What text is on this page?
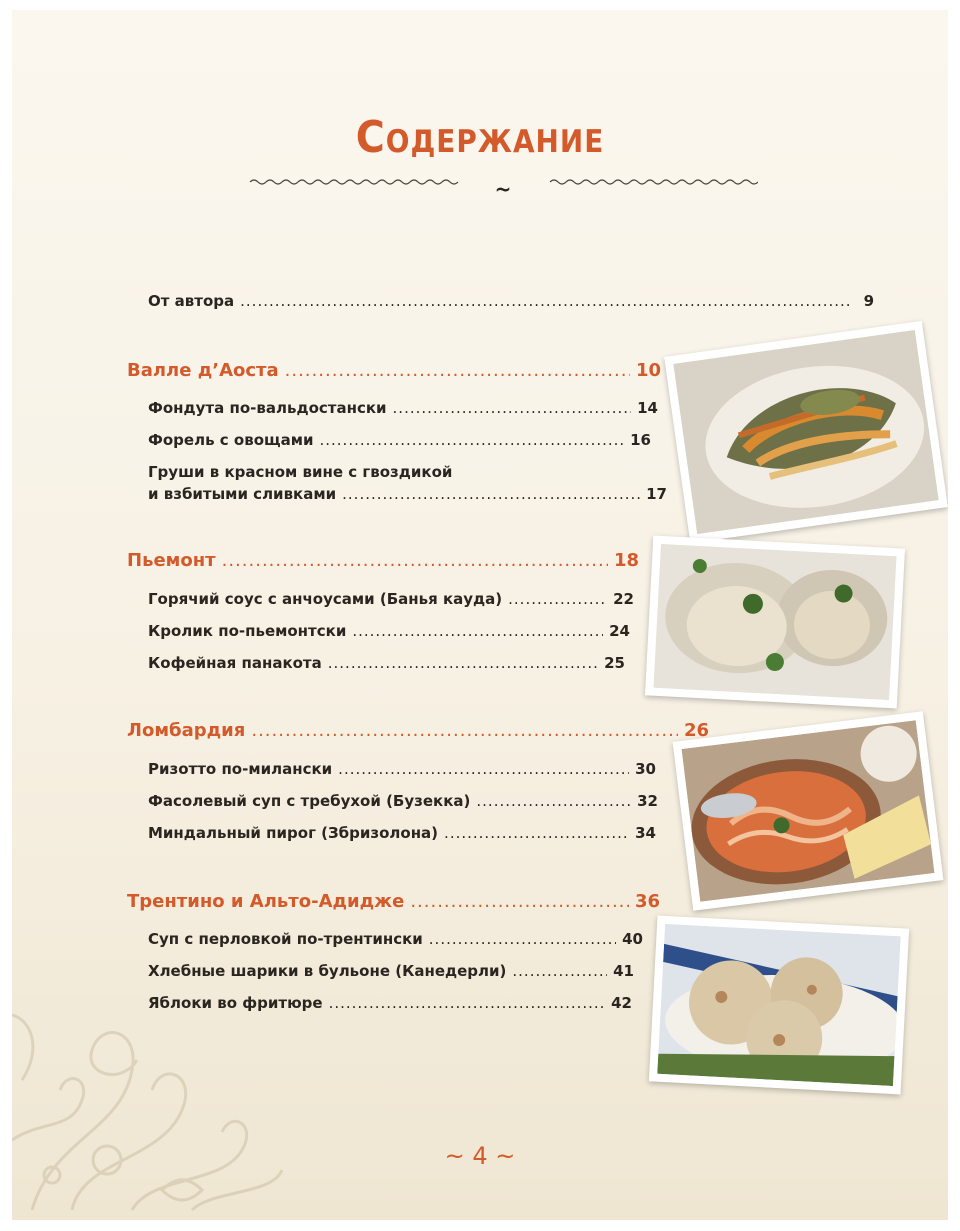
Содержание
~
От автора .....	9
Валле д’Аоста .....	10
Фондута по-вальдостански .....	14
Форель с овощами .....	16
Груши в красном вине с гвоздикой
и взбитыми сливками .....	17
Пьемонт .....	18
Горячий соус с анчоусами (Банья кауда) .....	22
Кролик по-пьемонтски .....	24
Кофейная панакота .....	25
Ломбардия .....	26
Ризотто по-милански .....	30
Фасолевый суп с требухой (Бузекка) .....	32
Миндальный пирог (Збризолона) .....	34
Трентино и Альто-Адидже .....	36
Суп с перловкой по-трентински .....	40
Хлебные шарики в бульоне (Канедерли) .....	41
Яблоки во фритюре .....	42
~ 4 ~
